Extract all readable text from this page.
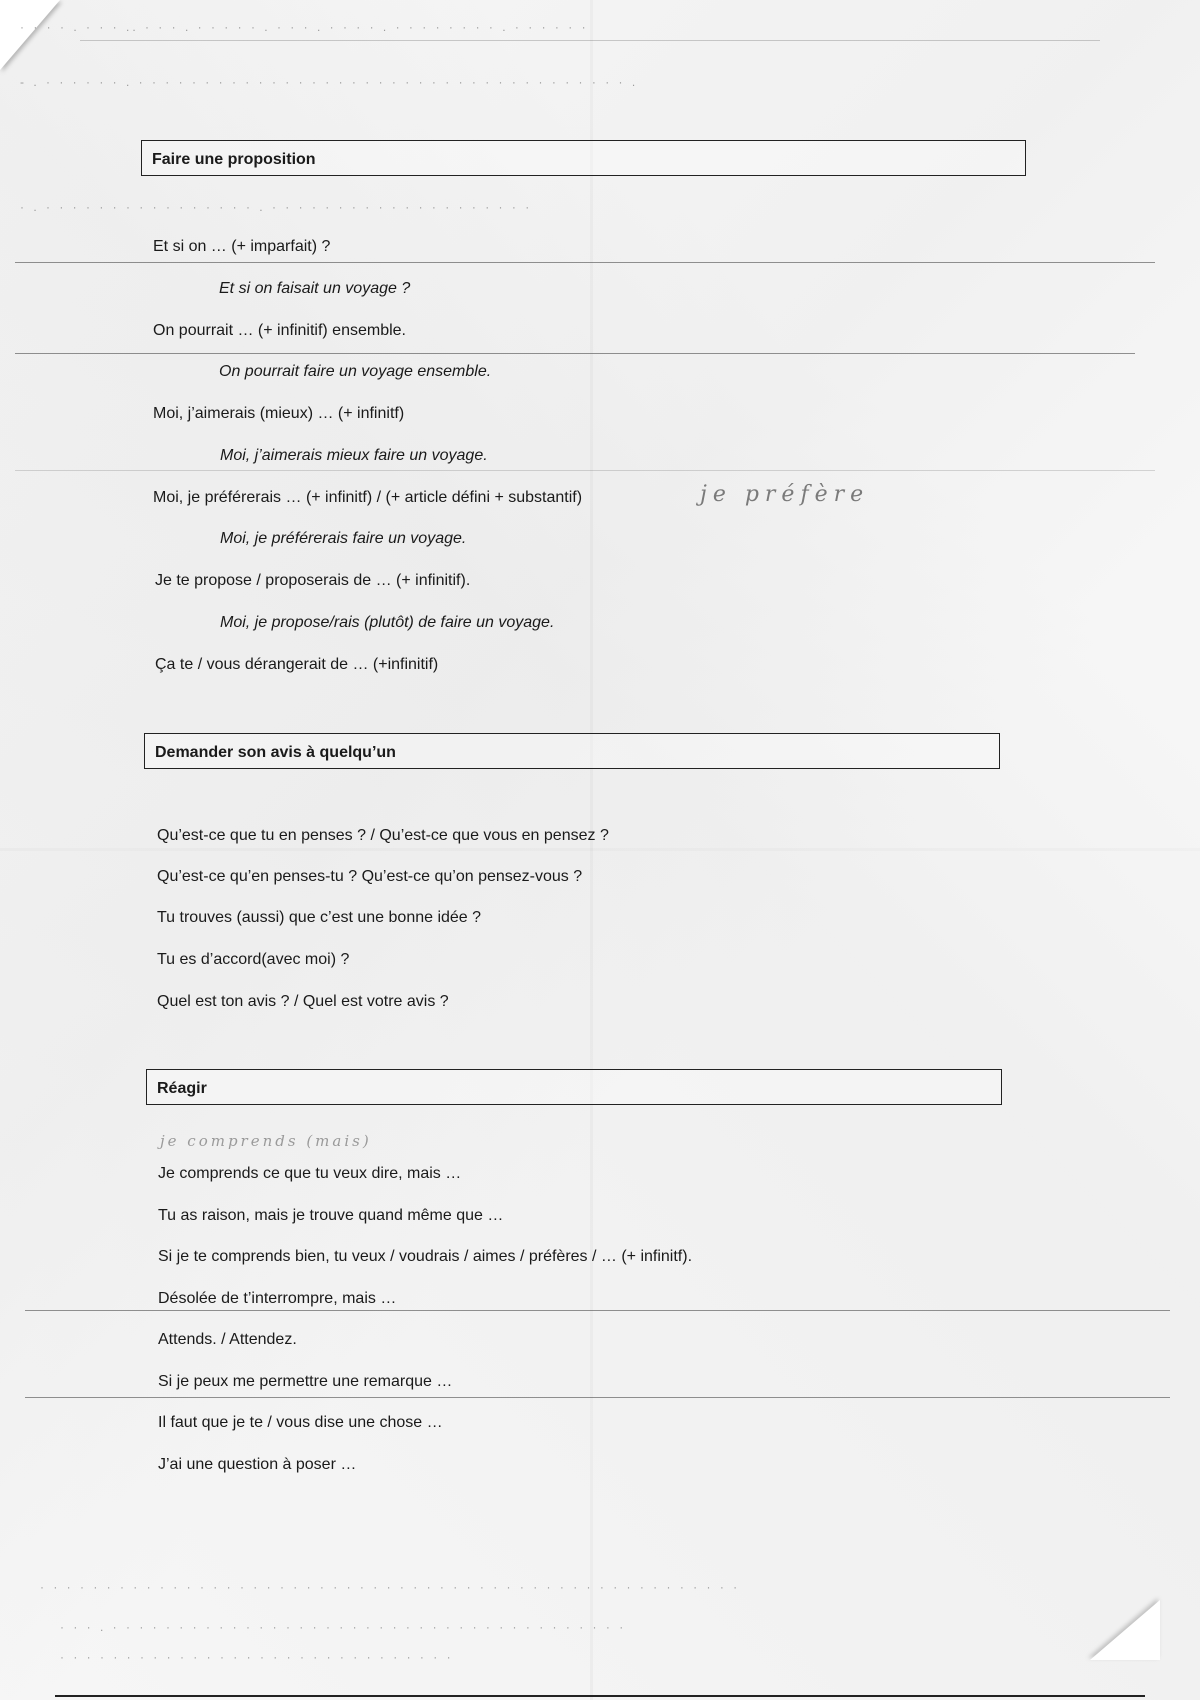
· · · · . · · · .. · · · . · · · · · . · · · . · · · · . · · · · · · · · . · · · · · ·
- . · · · · · · . · · · · · · · · · · · · · · · · · · · · · · · · · · · · · · · · · · · · · .
· . · · · · · · · · · · · · · · · · . · · · · · · · · · · · · · · · · · · · ·
Faire une proposition
Et si on … (+ imparfait) ?
Et si on faisait un voyage ?
On pourrait … (+ infinitif) ensemble.
On pourrait faire un voyage ensemble.
Moi, j’aimerais (mieux) … (+ infinitf)
Moi, j’aimerais mieux faire un voyage.
Moi, je préférerais … (+ infinitf) / (+ article défini + substantif)	je préfère
Moi, je préférerais faire un voyage.
Je te propose / proposerais de … (+ infinitif).
Moi, je propose/rais (plutôt) de faire un voyage.
Ça te / vous dérangerait de … (+infinitif)
Demander son avis à quelqu’un
Qu’est-ce que tu en penses ? / Qu’est-ce que vous en pensez ?
Qu’est-ce qu’en penses-tu ? Qu’est-ce qu’on pensez-vous ?
Tu trouves (aussi) que c’est une bonne idée ?
Tu es d’accord(avec moi) ?
Quel est ton avis ? / Quel est votre avis ?
Réagir
je comprends (mais)
Je comprends ce que tu veux dire, mais …
Tu as raison, mais je trouve quand même que …
Si je te comprends bien, tu veux / voudrais / aimes / préfères / … (+ infinitf).
Désolée de t’interrompre, mais …
Attends. / Attendez.
Si je peux me permettre une remarque …
Il faut que je te / vous dise une chose …
J’ai une question à poser …
· · · · · · · · · · · · · · · · · · · · · · · · · · · · · · · · · · · · · · · · · · · · · · · · · · · · ·
· · · . · · · · · · · · · · · · · · · · · · · · · · · · · · · · · · · · · · · · · · ·
· · · · · · · · · · · · · · · · · · · · · · · · · · · · · ·
